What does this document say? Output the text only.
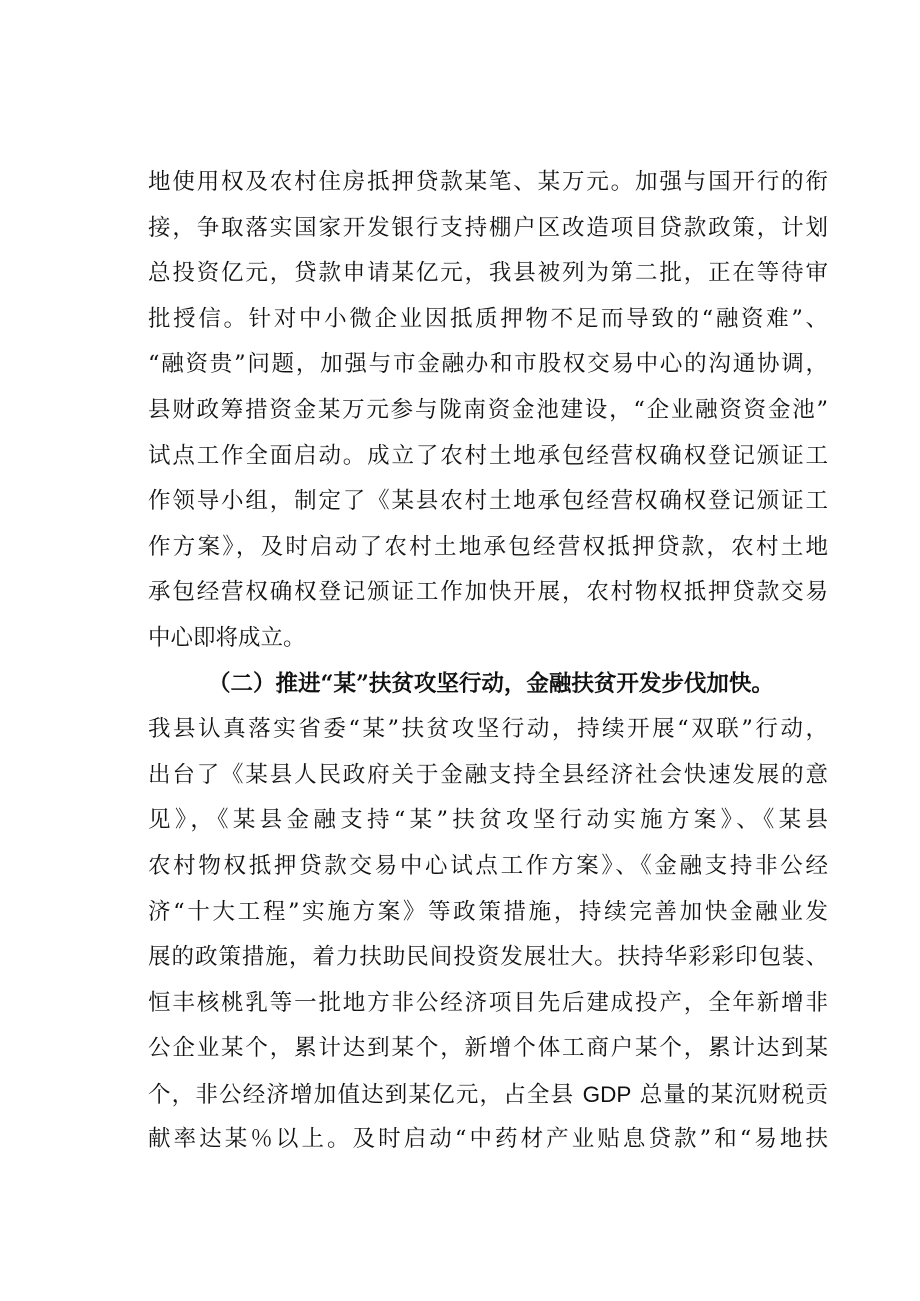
地使用权及农村住房抵押贷款某笔、某万元。加强与国开行的衔
接，争取落实国家开发银行支持棚户区改造项目贷款政策，计划
总投资亿元，贷款申请某亿元，我县被列为第二批，正在等待审
批授信。针对中小微企业因抵质押物不足而导致的“融资难”、
“融资贵”问题，加强与市金融办和市股权交易中心的沟通协调，
县财政筹措资金某万元参与陇南资金池建设，“企业融资资金池”
试点工作全面启动。成立了农村土地承包经营权确权登记颁证工
作领导小组，制定了《某县农村土地承包经营权确权登记颁证工
作方案》，及时启动了农村土地承包经营权抵押贷款，农村土地
承包经营权确权登记颁证工作加快开展，农村物权抵押贷款交易
中心即将成立。
（二）推进“某”扶贫攻坚行动，金融扶贫开发步伐加快。
我县认真落实省委“某”扶贫攻坚行动，持续开展“双联”行动，
出台了《某县人民政府关于金融支持全县经济社会快速发展的意
见》，《某县金融支持“某”扶贫攻坚行动实施方案》、《某县
农村物权抵押贷款交易中心试点工作方案》、《金融支持非公经
济“十大工程”实施方案》等政策措施，持续完善加快金融业发
展的政策措施，着力扶助民间投资发展壮大。扶持华彩彩印包装、
恒丰核桃乳等一批地方非公经济项目先后建成投产，全年新增非
公企业某个，累计达到某个，新增个体工商户某个，累计达到某
个，非公经济增加值达到某亿元，占全县 GDP 总量的某沉财税贡
献率达某％以上。及时启动“中药材产业贴息贷款”和“易地扶
